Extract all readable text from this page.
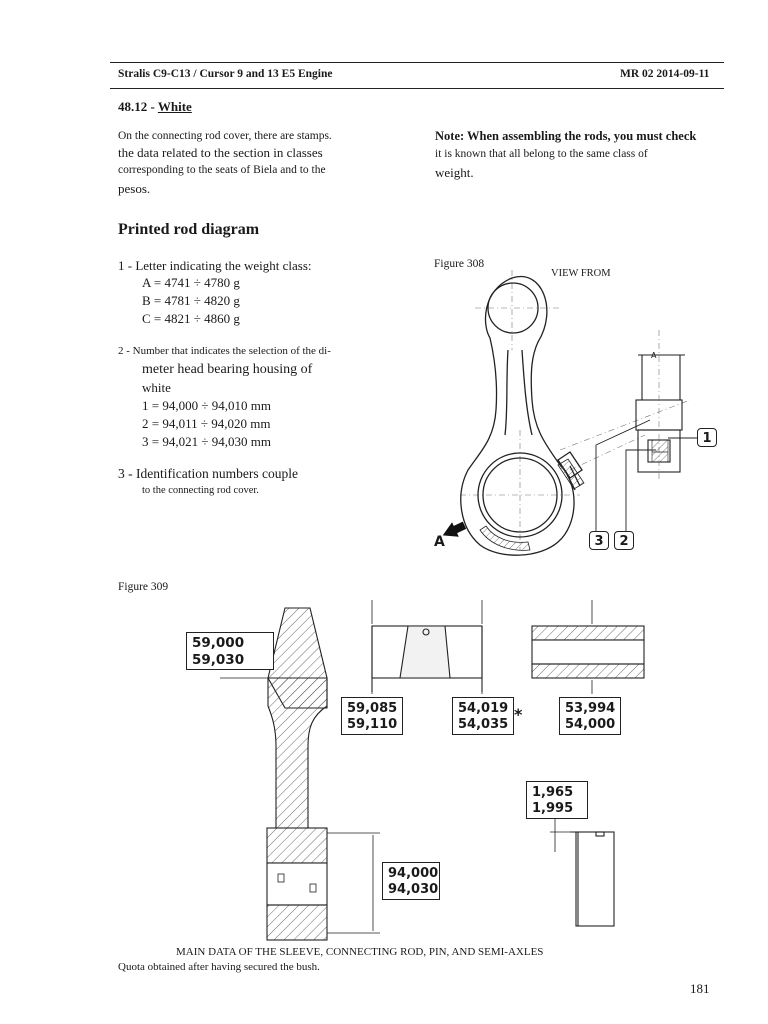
Stralis C9-C13 / Cursor 9 and 13 E5 Engine	MR 02 2014-09-11
48.12 - White
On the connecting rod cover, there are stamps.
the data related to the section in classes
corresponding to the seats of Biela and to the
pesos.
Note: When assembling the rods, you must check
it is known that all belong to the same class of
weight.
Printed rod diagram
1 - Letter indicating the weight class:
A = 4741 ÷ 4780 g
B = 4781 ÷ 4820 g
C = 4821 ÷ 4860 g
2 - Number that indicates the selection of the di-
meter head bearing housing of
white
1 = 94,000 ÷ 94,010 mm
2 = 94,011 ÷ 94,020 mm
3 = 94,021 ÷ 94,030 mm
3 - Identification numbers couple
to the connecting rod cover.
Figure 308
VIEW FROM
A
1
3	2
A
Figure 309
59,000
59,030
59,085
59,110
54,019
54,035
*	53,994
54,000
1,965
1,995
94,000
94,030
MAIN DATA OF THE SLEEVE, CONNECTING ROD, PIN, AND SEMI-AXLES
Quota obtained after having secured the bush.
181
